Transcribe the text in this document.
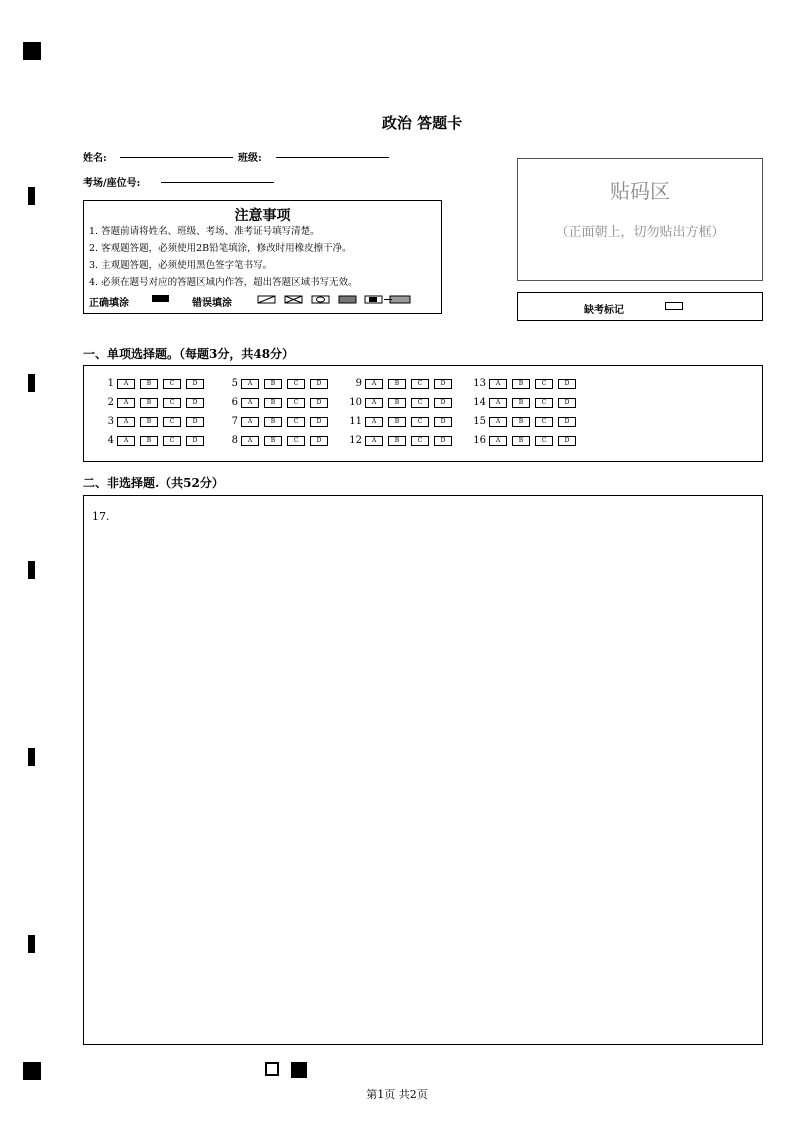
政治 答题卡
姓名:	班级:
考场/座位号:
注意事项
1. 答题前请将姓名、班级、考场、准考证号填写清楚。
2. 客观题答题，必须使用2B铅笔填涂，修改时用橡皮擦干净。
3. 主观题答题，必须使用黑色签字笔书写。
4. 必须在题号对应的答题区域内作答，超出答题区域书写无效。
正确填涂	错误填涂
贴码区
（正面朝上，切勿贴出方框）
缺考标记
一、单项选择题。（每题3分，共48分）
1 A	B	C	D
2 A	B	C	D
3 A	B	C	D
4 A	B	C	D
5 A	B	C	D
6 A	B	C	D
7 A	B	C	D
8 A	B	C	D
9 A	B	C	D
10 A	B	C	D
11 A	B	C	D
12 A	B	C	D
13 A	B	C	D
14 A	B	C	D
15 A	B	C	D
16 A	B	C	D
二、非选择题.（共52分）
17.
第1页 共2页
